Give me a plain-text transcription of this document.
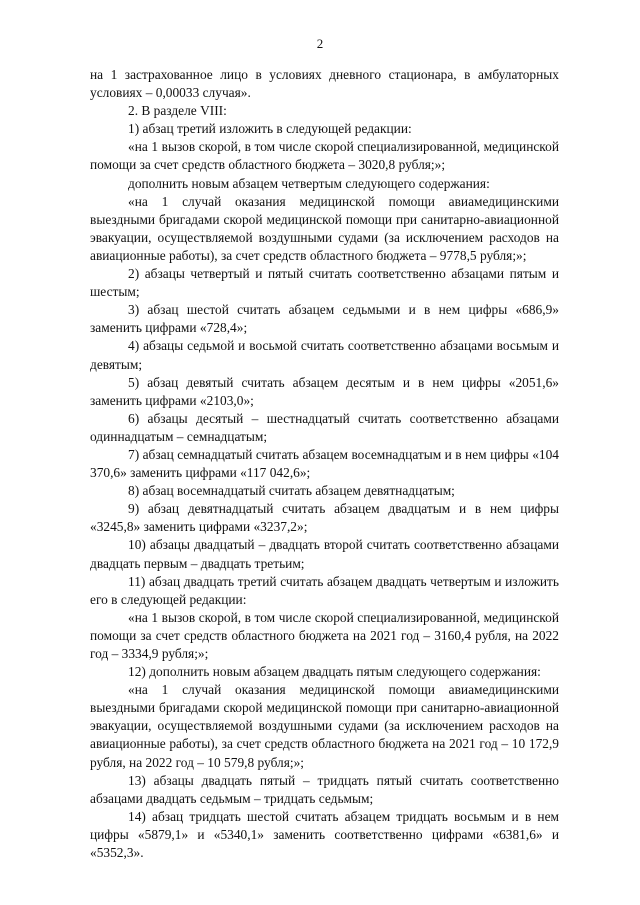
2

на 1 застрахованное лицо в условиях дневного стационара, в амбулаторных условиях – 0,00033 случая».

2. В разделе VIII:

1) абзац третий изложить в следующей редакции:

«на 1 вызов скорой, в том числе скорой специализированной, медицинской помощи за счет средств областного бюджета – 3020,8 рубля;»;

дополнить новым абзацем четвертым следующего содержания:

«на 1 случай оказания медицинской помощи авиамедицинскими выездными бригадами скорой медицинской помощи при санитарно-авиационной эвакуации, осуществляемой воздушными судами (за исключением расходов на авиационные работы), за счет средств областного бюджета – 9778,5 рубля;»;

2) абзацы четвертый и пятый считать соответственно абзацами пятым и шестым;

3) абзац шестой считать абзацем седьмыми и в нем цифры «686,9» заменить цифрами «728,4»;

4) абзацы седьмой и восьмой считать соответственно абзацами восьмым и девятым;

5) абзац девятый считать абзацем десятым и в нем цифры «2051,6» заменить цифрами «2103,0»;

6) абзацы десятый – шестнадцатый считать соответственно абзацами одиннадцатым – семнадцатым;

7) абзац семнадцатый считать абзацем восемнадцатым и в нем цифры «104 370,6» заменить цифрами «117 042,6»;

8) абзац восемнадцатый считать абзацем девятнадцатым;

9) абзац девятнадцатый считать абзацем двадцатым и в нем цифры «3245,8» заменить цифрами «3237,2»;

10) абзацы двадцатый – двадцать второй считать соответственно абзацами двадцать первым – двадцать третьим;

11) абзац двадцать третий считать абзацем двадцать четвертым и изложить его в следующей редакции:

«на 1 вызов скорой, в том числе скорой специализированной, медицинской помощи за счет средств областного бюджета на 2021 год – 3160,4 рубля, на 2022 год – 3334,9 рубля;»;

12) дополнить новым абзацем двадцать пятым следующего содержания:

«на 1 случай оказания медицинской помощи авиамедицинскими выездными бригадами скорой медицинской помощи при санитарно-авиационной эвакуации, осуществляемой воздушными судами (за исключением расходов на авиационные работы), за счет средств областного бюджета на 2021 год – 10 172,9 рубля, на 2022 год – 10 579,8 рубля;»;

13) абзацы двадцать пятый – тридцать пятый считать соответственно абзацами двадцать седьмым – тридцать седьмым;

14) абзац тридцать шестой считать абзацем тридцать восьмым и в нем цифры «5879,1» и «5340,1» заменить соответственно цифрами «6381,6» и «5352,3».
